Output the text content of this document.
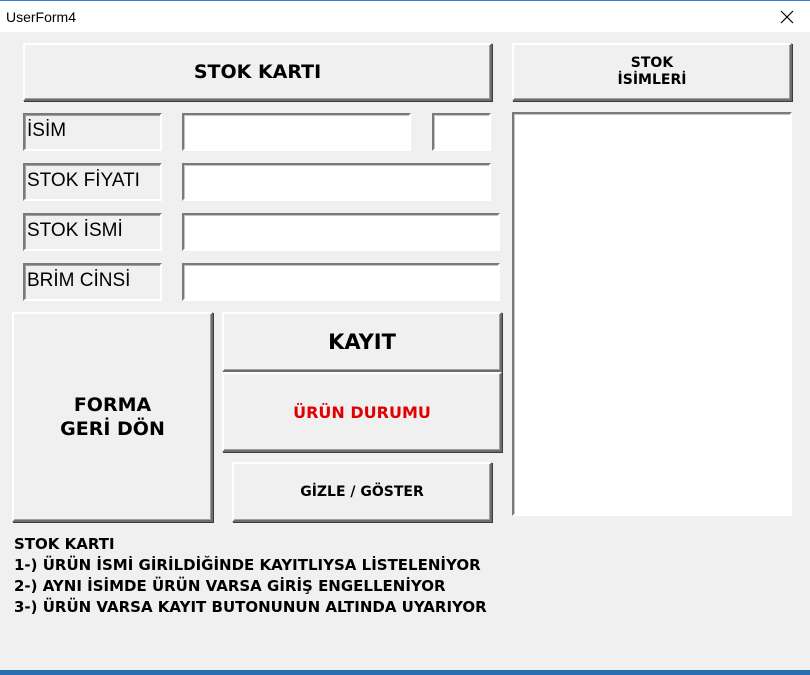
UserForm4
STOK KARTI	STOK
İSİMLERİ
İSİM
STOK FİYATI
STOK İSMİ
BRİM CİNSİ
FORMA
GERİ DÖN
KAYIT
ÜRÜN DURUMU
GİZLE / GÖSTER
STOK KARTI
1-) ÜRÜN İSMİ GİRİLDİĞİNDE KAYITLIYSA LİSTELENİYOR
2-) AYNI İSİMDE ÜRÜN VARSA GİRİŞ ENGELLENİYOR
3-) ÜRÜN VARSA KAYIT BUTONUNUN ALTINDA UYARIYOR
